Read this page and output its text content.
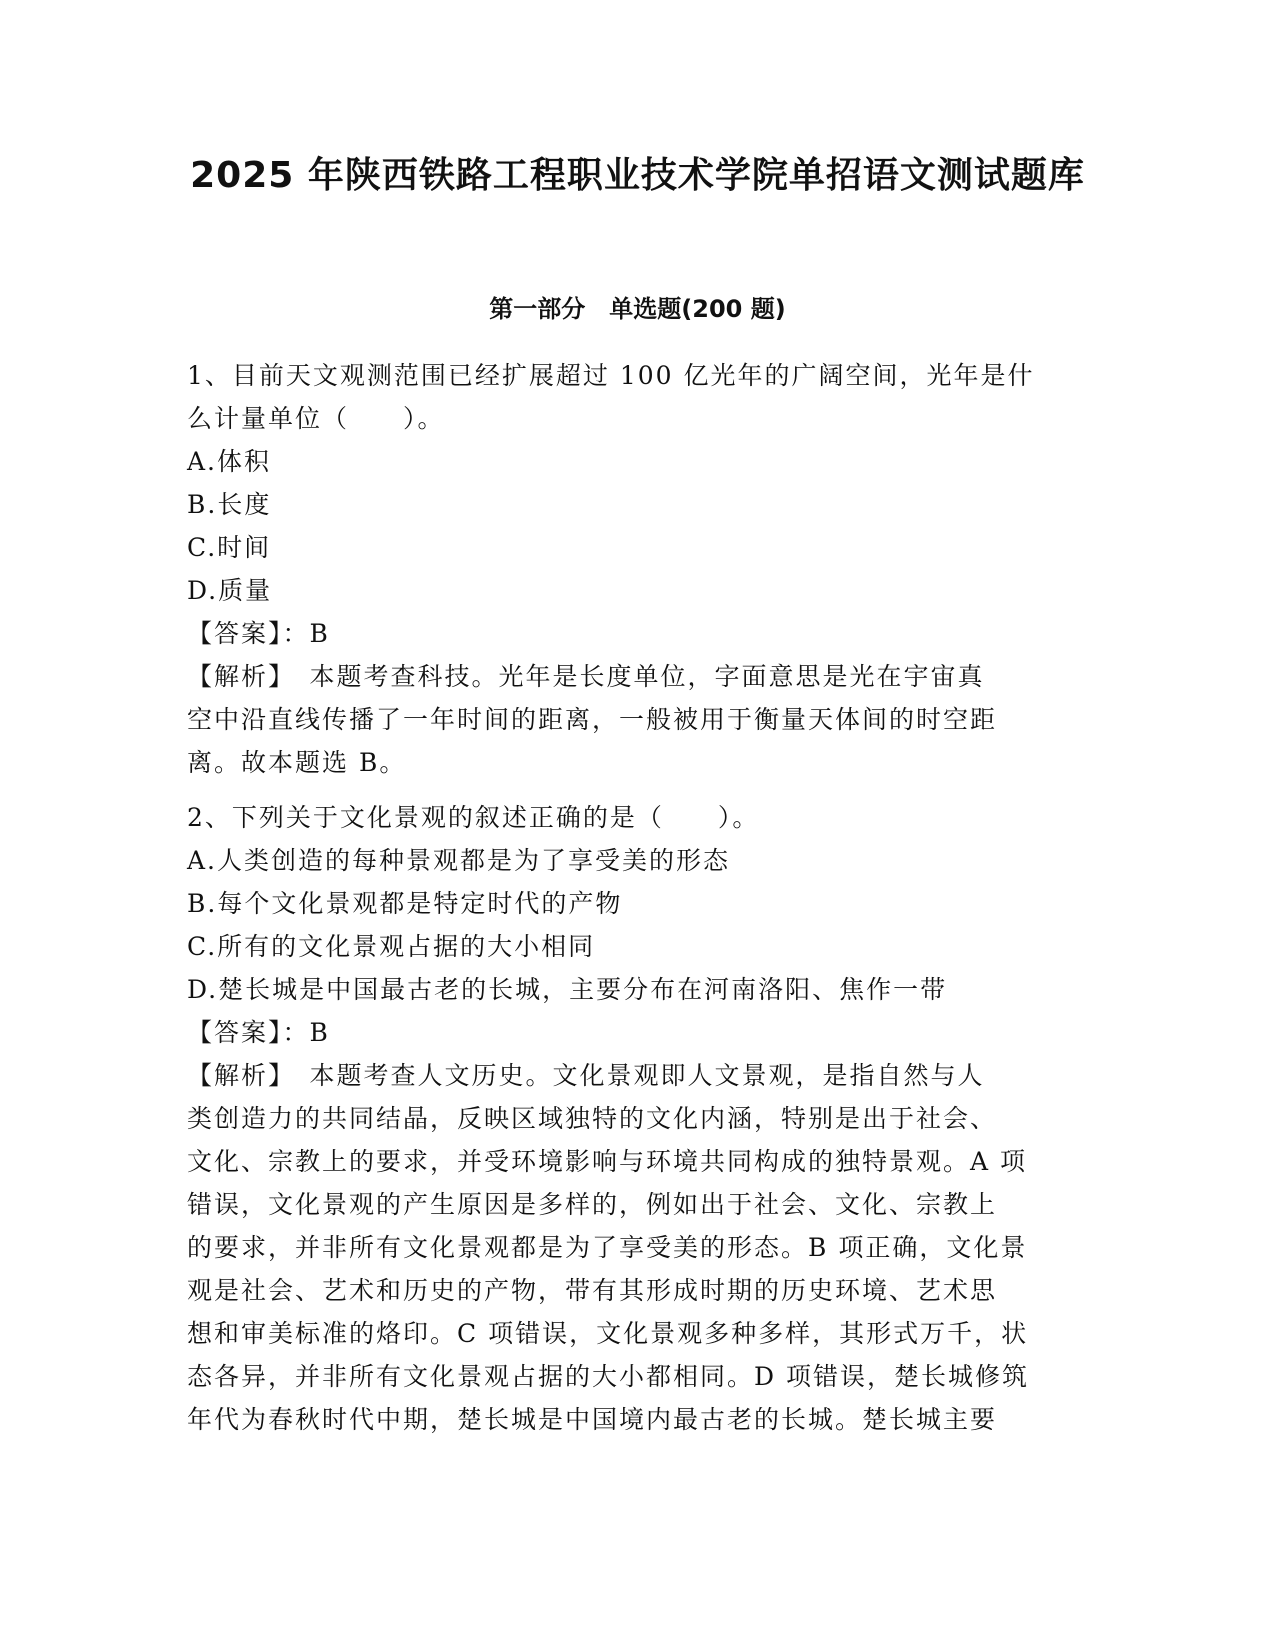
2025 年陕西铁路工程职业技术学院单招语文测试题库
第一部分　单选题(200 题)
1、目前天文观测范围已经扩展超过 100 亿光年的广阔空间，光年是什
么计量单位（　　）。
A.体积
B.长度
C.时间
D.质量
【答案】：B
【解析】　本题考查科技。光年是长度单位，字面意思是光在宇宙真
空中沿直线传播了一年时间的距离，一般被用于衡量天体间的时空距
离。故本题选 B。
2、下列关于文化景观的叙述正确的是（　　）。
A.人类创造的每种景观都是为了享受美的形态
B.每个文化景观都是特定时代的产物
C.所有的文化景观占据的大小相同
D.楚长城是中国最古老的长城，主要分布在河南洛阳、焦作一带
【答案】：B
【解析】　本题考查人文历史。文化景观即人文景观，是指自然与人
类创造力的共同结晶，反映区域独特的文化内涵，特别是出于社会、
文化、宗教上的要求，并受环境影响与环境共同构成的独特景观。A 项
错误，文化景观的产生原因是多样的，例如出于社会、文化、宗教上
的要求，并非所有文化景观都是为了享受美的形态。B 项正确，文化景
观是社会、艺术和历史的产物，带有其形成时期的历史环境、艺术思
想和审美标准的烙印。C 项错误，文化景观多种多样，其形式万千，状
态各异，并非所有文化景观占据的大小都相同。D 项错误，楚长城修筑
年代为春秋时代中期，楚长城是中国境内最古老的长城。楚长城主要
